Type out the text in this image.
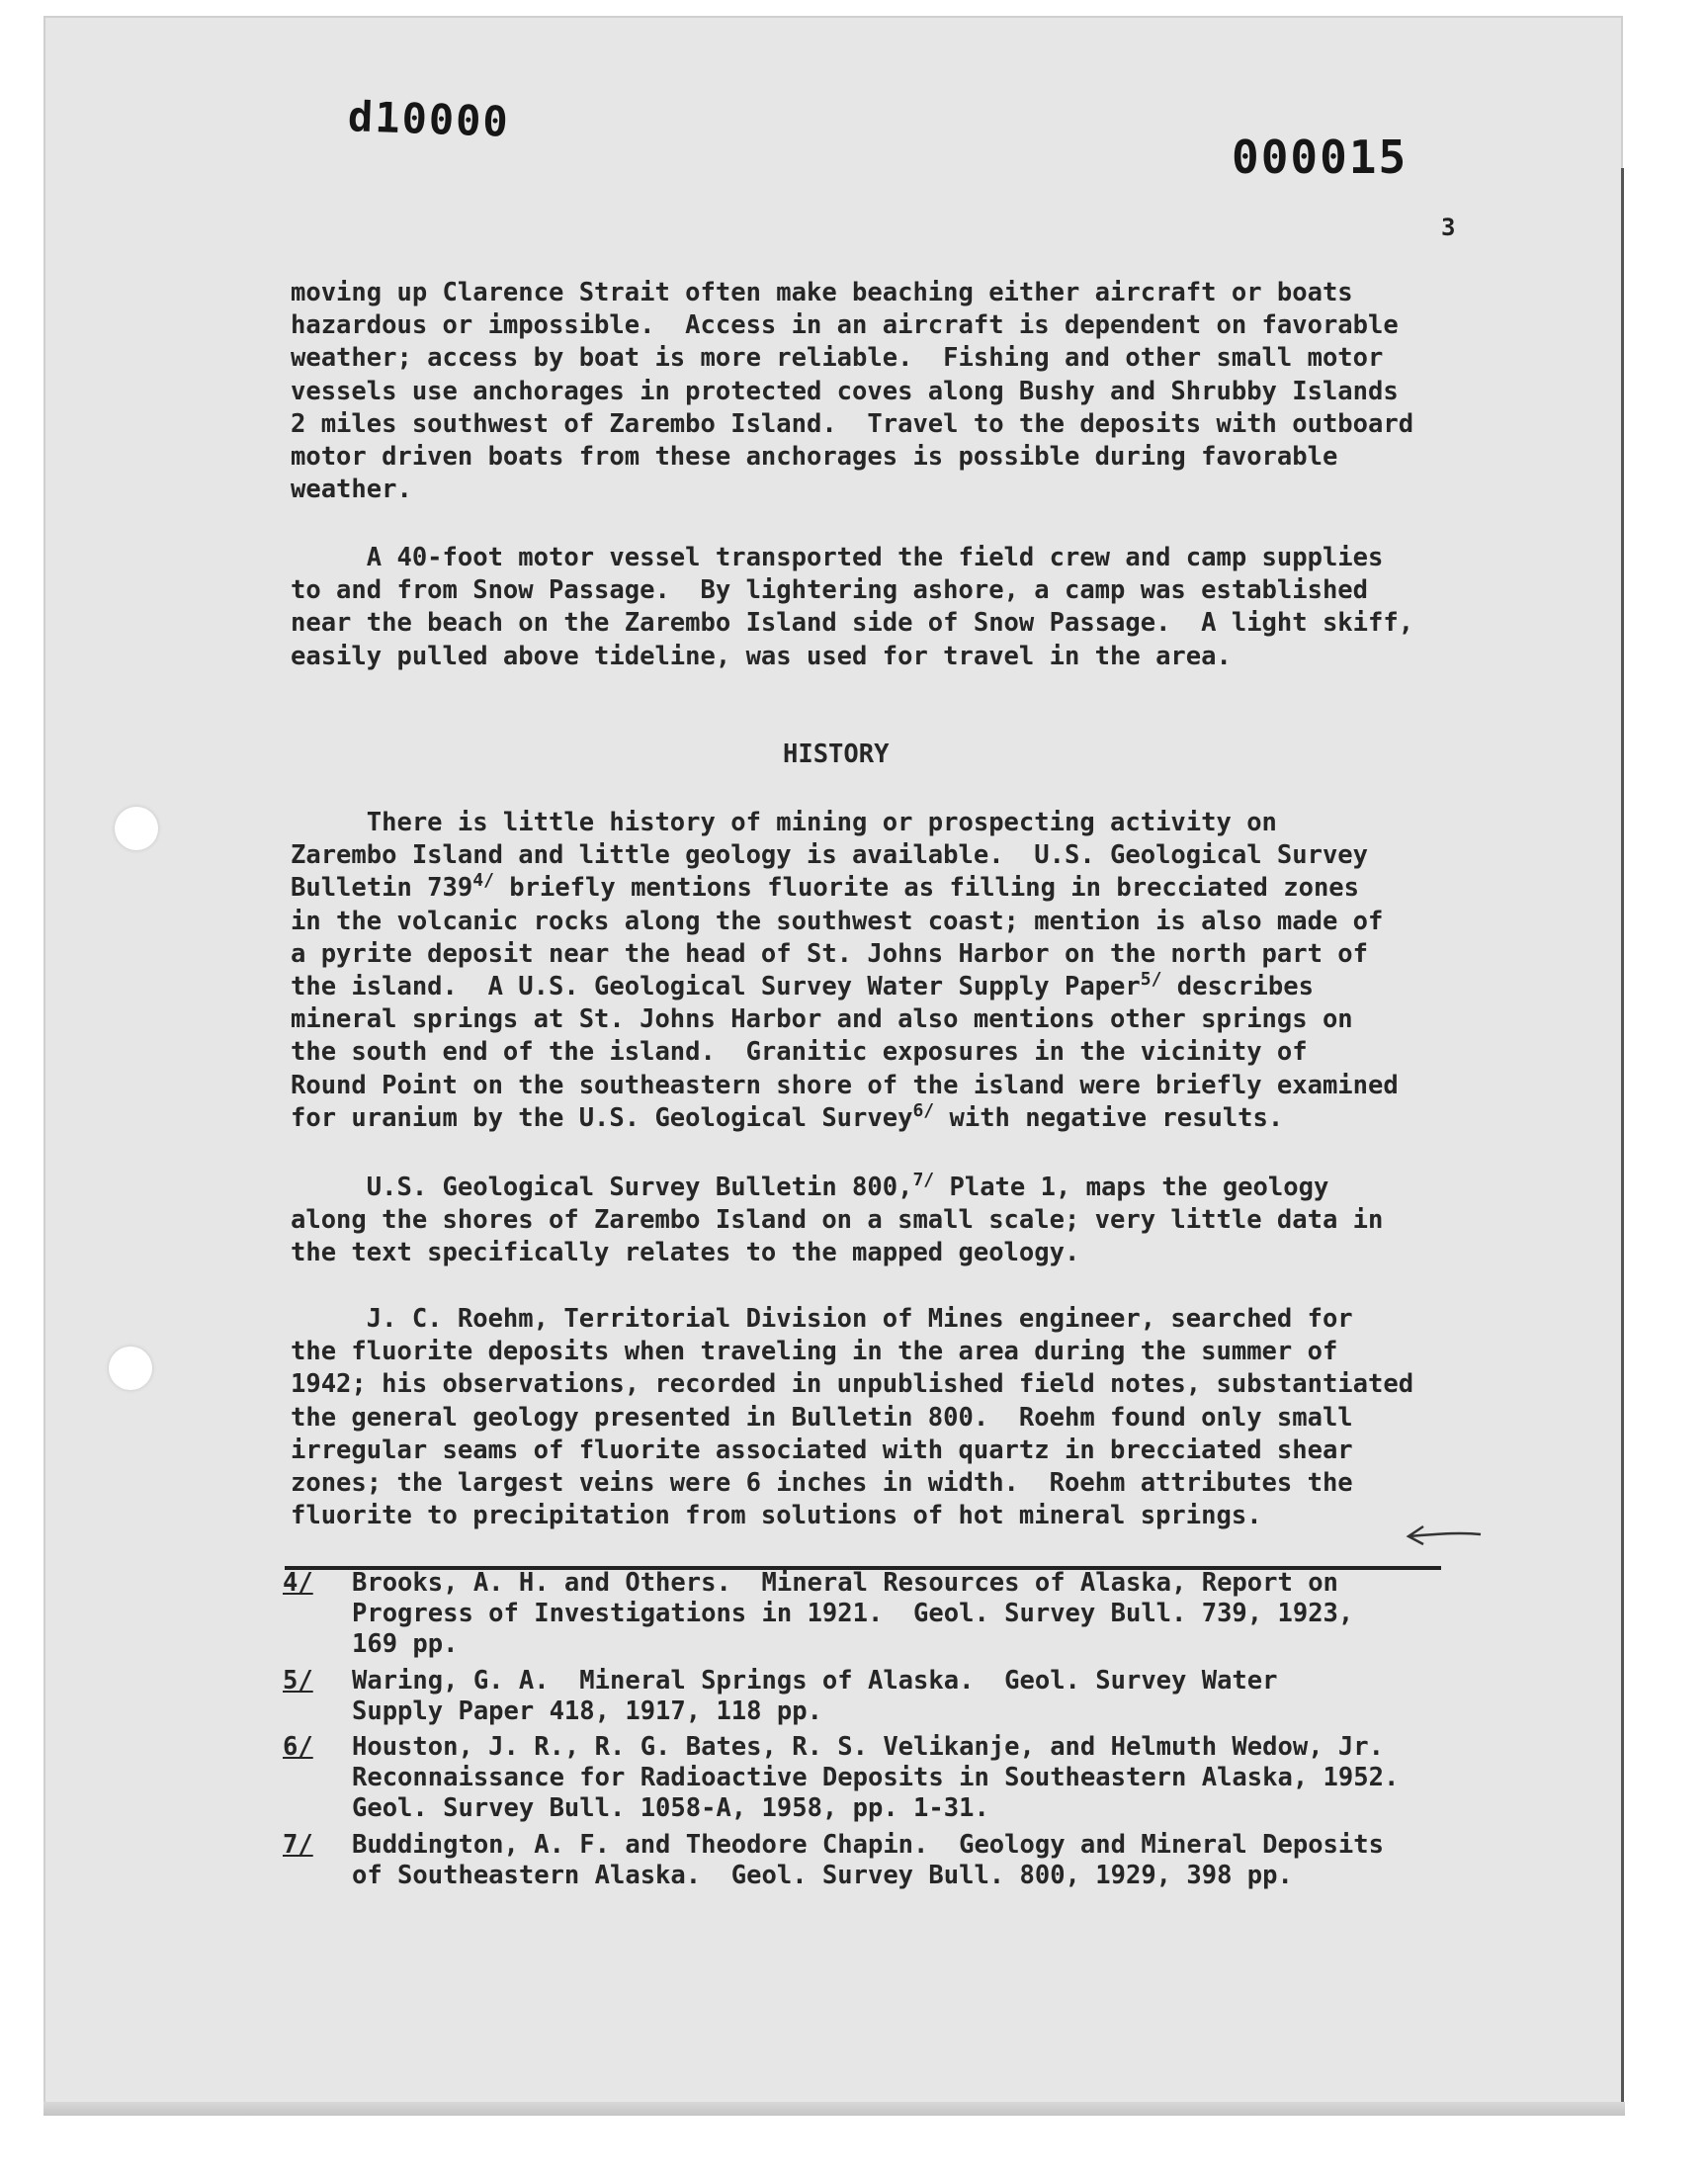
d10000
000015
3
moving up Clarence Strait often make beaching either aircraft or boats
hazardous or impossible.  Access in an aircraft is dependent on favorable
weather; access by boat is more reliable.  Fishing and other small motor
vessels use anchorages in protected coves along Bushy and Shrubby Islands
2 miles southwest of Zarembo Island.  Travel to the deposits with outboard
motor driven boats from these anchorages is possible during favorable
weather.
A 40-foot motor vessel transported the field crew and camp supplies
to and from Snow Passage.  By lightering ashore, a camp was established
near the beach on the Zarembo Island side of Snow Passage.  A light skiff,
easily pulled above tideline, was used for travel in the area.
HISTORY
There is little history of mining or prospecting activity on
Zarembo Island and little geology is available.  U.S. Geological Survey
Bulletin $739^{4/}$ briefly mentions fluorite as filling in brecciated zones
in the volcanic rocks along the southwest coast; mention is also made of
a pyrite deposit near the head of St. Johns Harbor on the north part of
the island.  A U.S. Geological Survey Water Supply Paper$^{5/}$ describes
mineral springs at St. Johns Harbor and also mentions other springs on
the south end of the island.  Granitic exposures in the vicinity of
Round Point on the southeastern shore of the island were briefly examined
for uranium by the U.S. Geological Survey$^{6/}$ with negative results.
U.S. Geological Survey Bulletin 800,$^{7/}$ Plate 1, maps the geology
along the shores of Zarembo Island on a small scale; very little data in
the text specifically relates to the mapped geology.
J. C. Roehm, Territorial Division of Mines engineer, searched for
the fluorite deposits when traveling in the area during the summer of
1942; his observations, recorded in unpublished field notes, substantiated
the general geology presented in Bulletin 800.  Roehm found only small
irregular seams of fluorite associated with quartz in brecciated shear
zones; the largest veins were 6 inches in width.  Roehm attributes the
fluorite to precipitation from solutions of hot mineral springs.
4/ Brooks, A. H. and Others.  Mineral Resources of Alaska, Report on
Progress of Investigations in 1921.  Geol. Survey Bull. 739, 1923,
169 pp.
5/ Waring, G. A.  Mineral Springs of Alaska.  Geol. Survey Water
Supply Paper 418, 1917, 118 pp.
6/ Houston, J. R., R. G. Bates, R. S. Velikanje, and Helmuth Wedow, Jr.
Reconnaissance for Radioactive Deposits in Southeastern Alaska, 1952.
Geol. Survey Bull. 1058-A, 1958, pp. 1-31.
7/ Buddington, A. F. and Theodore Chapin.  Geology and Mineral Deposits
of Southeastern Alaska.  Geol. Survey Bull. 800, 1929, 398 pp.
